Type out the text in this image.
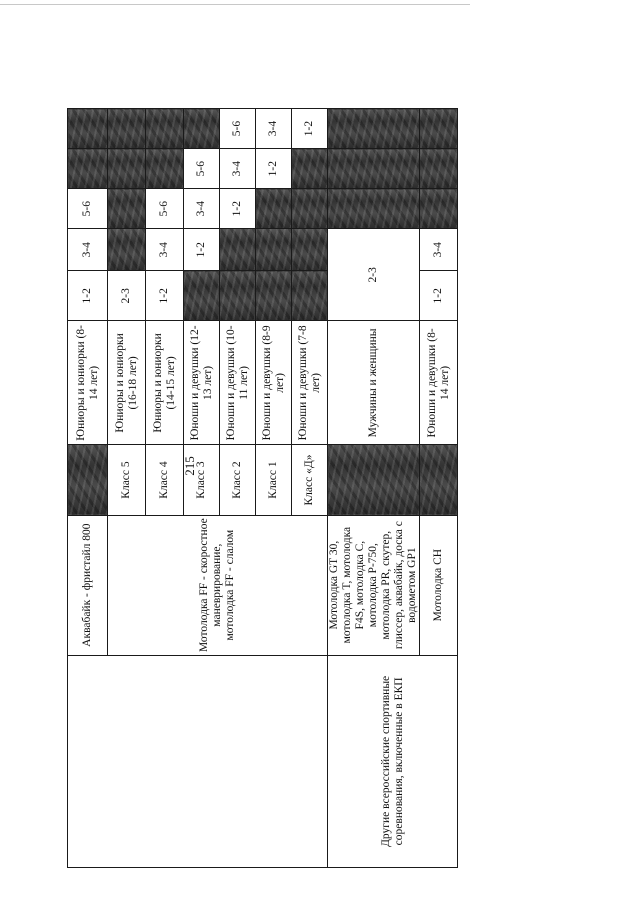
	Аквабайк - фристайл 800		Юниоры и юниорки (8-14 лет)	1-2	3-4	5-6		
	Мотолодка FF - скоростное маневрирование, мотолодка FF - слалом	Класс 5	Юниоры и юниорки (16-18 лет)	2-3				
		Класс 4	Юниоры и юниорки (14-15 лет)	1-2	3-4	5-6		
		Класс 3	Юноши и девушки (12-13 лет)		1-2	3-4	5-6	
		Класс 2	Юноши и девушки (10-11 лет)			1-2	3-4	5-6
		Класс 1	Юноши и девушки (8-9 лет)				1-2	3-4
		Класс «Д»	Юноши и девушки (7-8 лет)					1-2
Другие всероссийские спортивные соревнования, включенные в ЕКП	Мотолодка GT 30, мотолодка T, мотолодка F4S, мотолодка C, мотолодка P-750, мотолодка PR, скутер, глиссер, аквабайк, доска с водометом GP1		Мужчины и женщины	2-3				
	Мотолодка CH		Юноши и девушки (8-14 лет)	1-2	3-4			
215
